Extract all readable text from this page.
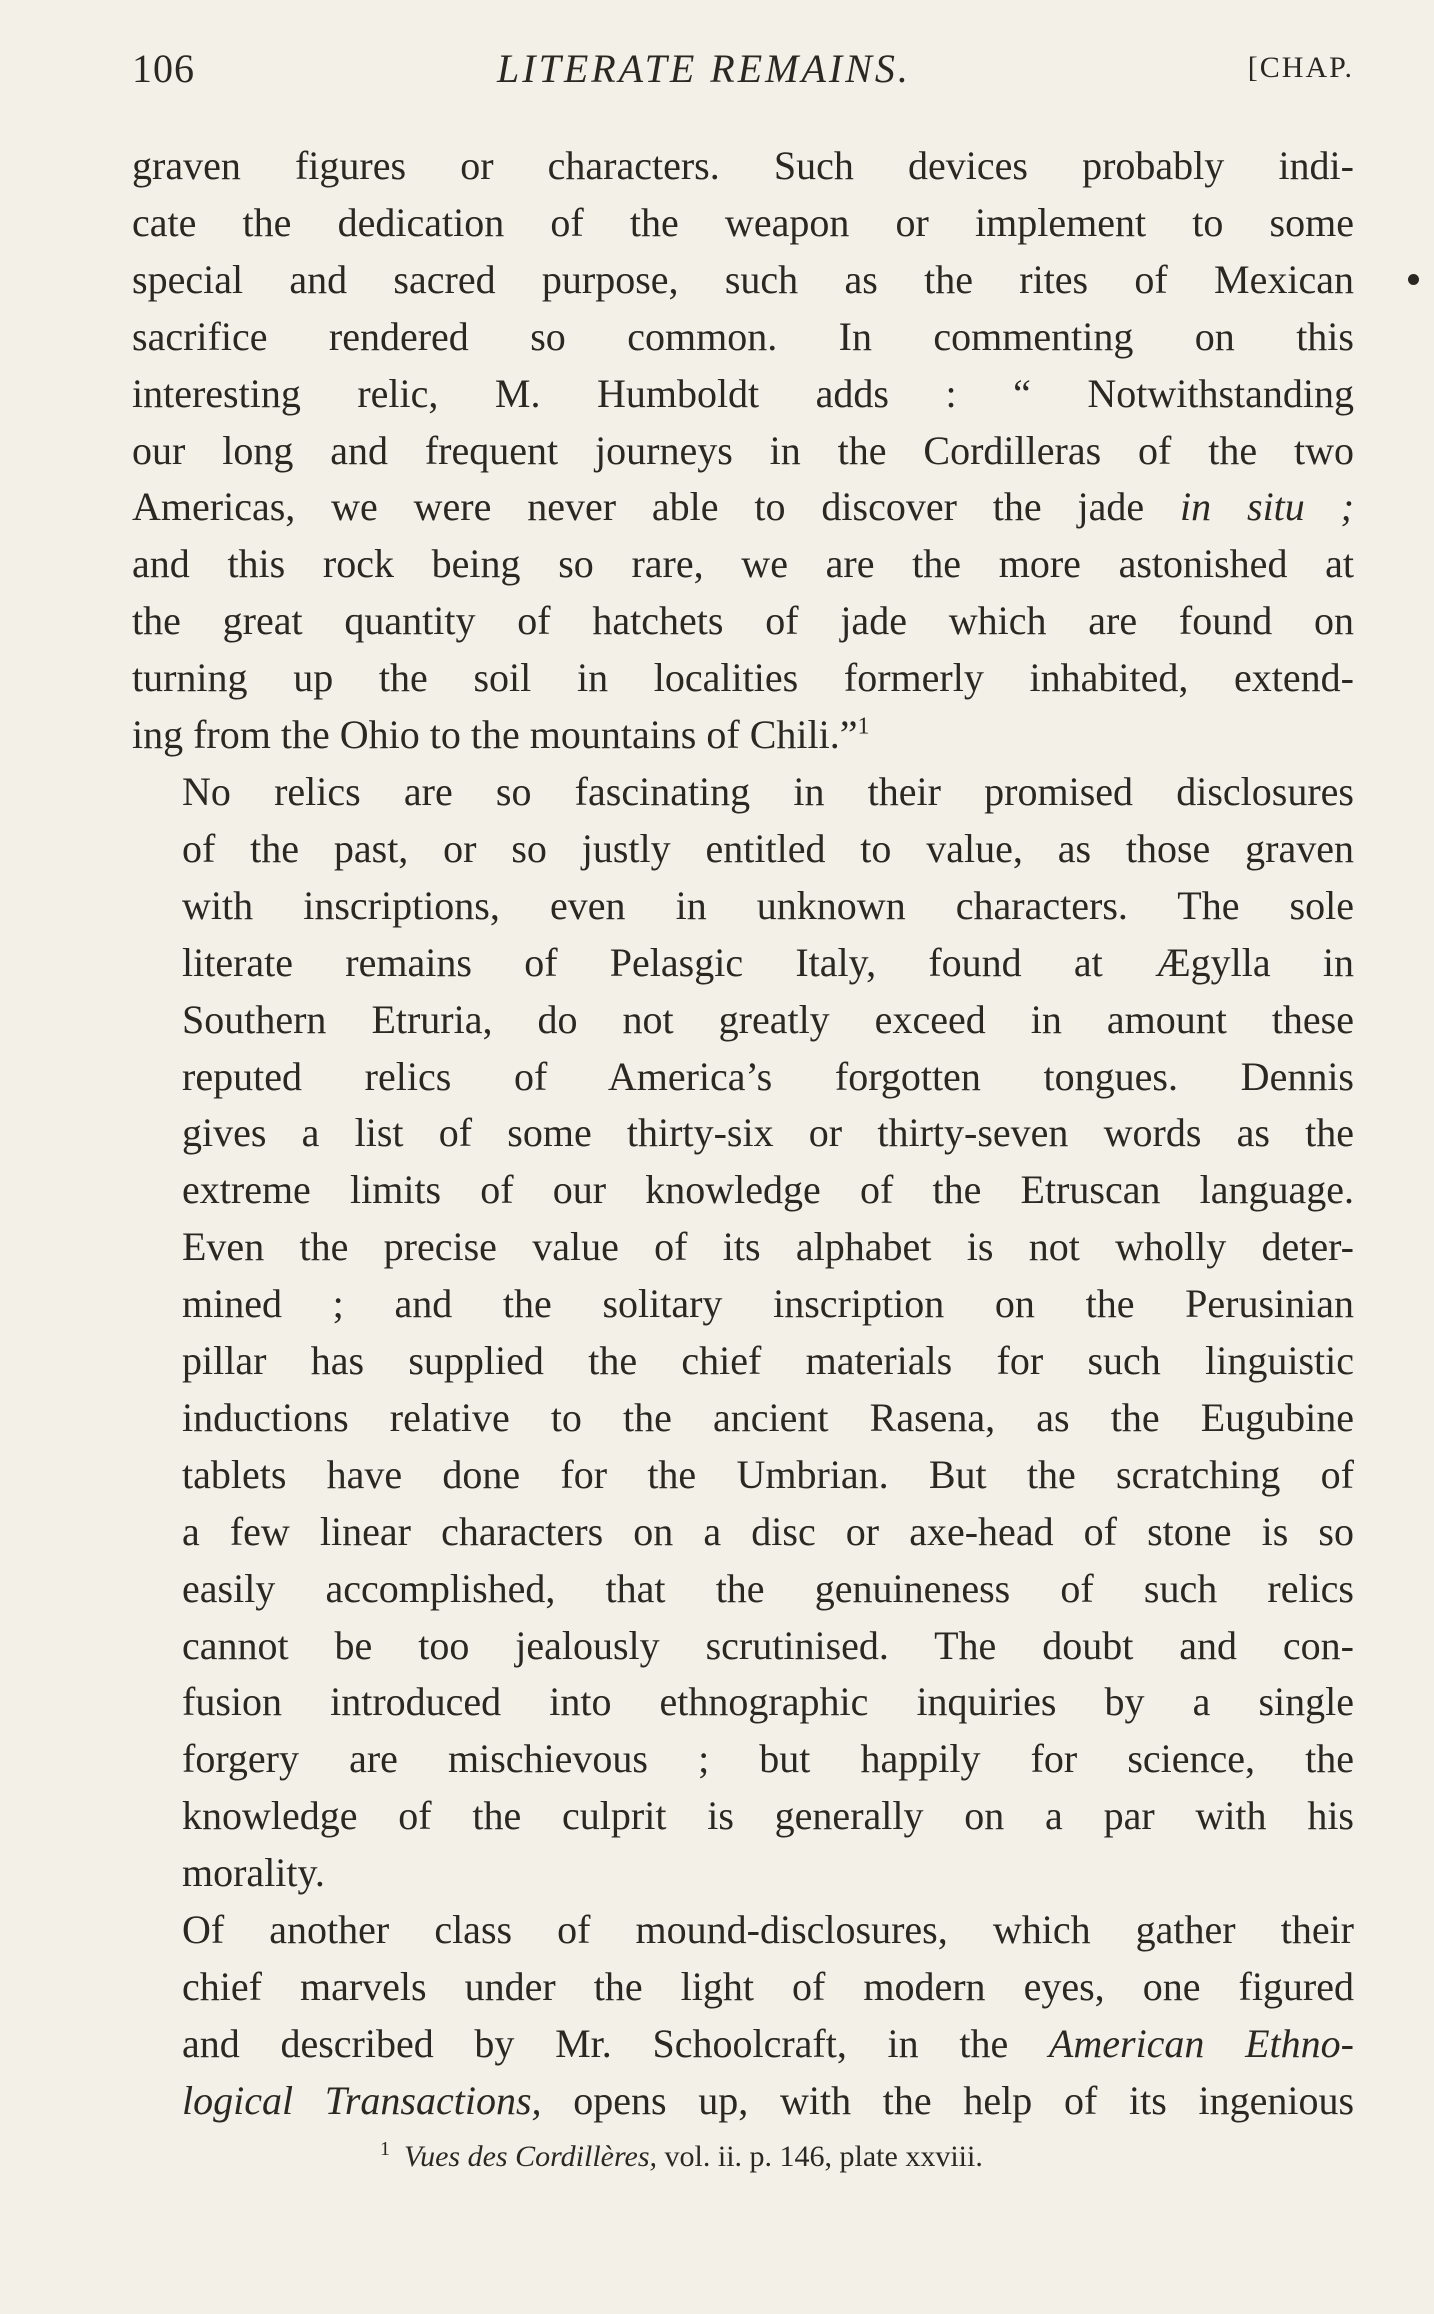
106	LITERATE REMAINS.	[CHAP.

graven figures or characters. Such devices probably indi-
cate the dedication of the weapon or implement to some
special and sacred purpose, such as the rites of Mexican
sacrifice rendered so common. In commenting on this
interesting relic, M. Humboldt adds : “ Notwithstanding
our long and frequent journeys in the Cordilleras of the two
Americas, we were never able to discover the jade in situ ;
and this rock being so rare, we are the more astonished at
the great quantity of hatchets of jade which are found on
turning up the soil in localities formerly inhabited, extend-
ing from the Ohio to the mountains of Chili.”$^1$

No relics are so fascinating in their promised disclosures
of the past, or so justly entitled to value, as those graven
with inscriptions, even in unknown characters. The sole
literate remains of Pelasgic Italy, found at Ægylla in
Southern Etruria, do not greatly exceed in amount these
reputed relics of America’s forgotten tongues. Dennis
gives a list of some thirty-six or thirty-seven words as the
extreme limits of our knowledge of the Etruscan language.
Even the precise value of its alphabet is not wholly deter-
mined ; and the solitary inscription on the Perusinian
pillar has supplied the chief materials for such linguistic
inductions relative to the ancient Rasena, as the Eugubine
tablets have done for the Umbrian. But the scratching of
a few linear characters on a disc or axe-head of stone is so
easily accomplished, that the genuineness of such relics
cannot be too jealously scrutinised. The doubt and con-
fusion introduced into ethnographic inquiries by a single
forgery are mischievous ; but happily for science, the
knowledge of the culprit is generally on a par with his
morality.

Of another class of mound-disclosures, which gather their
chief marvels under the light of modern eyes, one figured
and described by Mr. Schoolcraft, in the American Ethno-
logical Transactions, opens up, with the help of its ingenious

$^1$ Vues des Cordillères, vol. ii. p. 146, plate xxviii.
